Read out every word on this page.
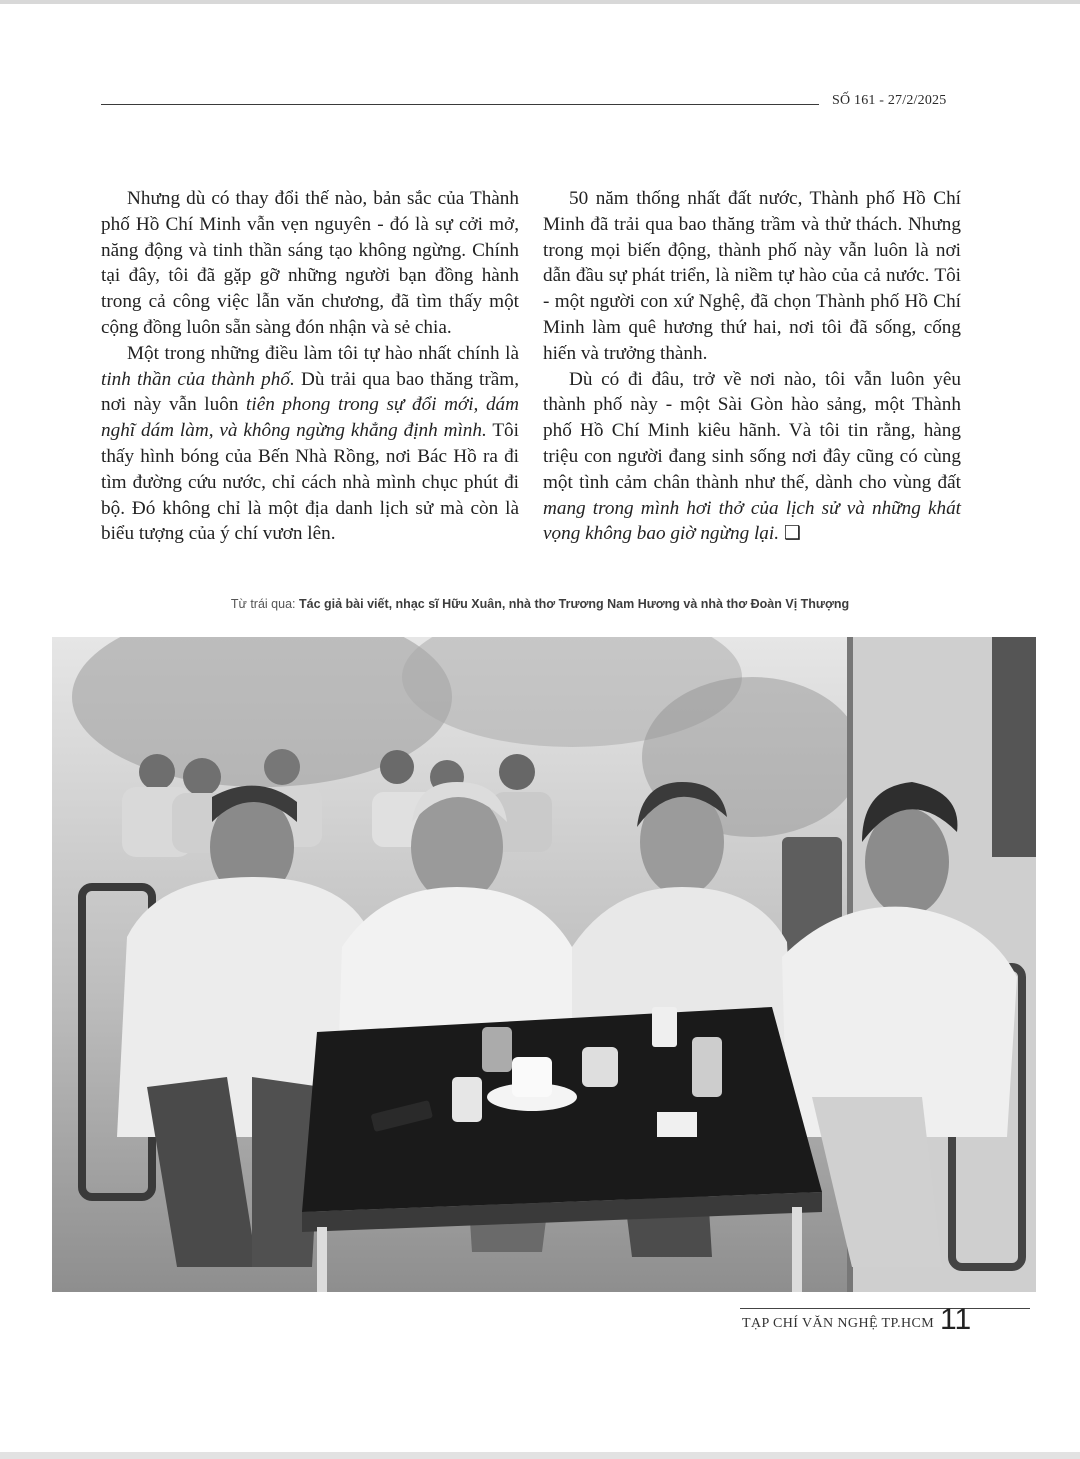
SỐ 161 - 27/2/2025

Nhưng dù có thay đổi thế nào, bản sắc của Thành phố Hồ Chí Minh vẫn vẹn nguyên - đó là sự cởi mở, năng động và tinh thần sáng tạo không ngừng. Chính tại đây, tôi đã gặp gỡ những người bạn đồng hành trong cả công việc lẫn văn chương, đã tìm thấy một cộng đồng luôn sẵn sàng đón nhận và sẻ chia.

Một trong những điều làm tôi tự hào nhất chính là tinh thần của thành phố. Dù trải qua bao thăng trầm, nơi này vẫn luôn tiên phong trong sự đổi mới, dám nghĩ dám làm, và không ngừng khẳng định mình. Tôi thấy hình bóng của Bến Nhà Rồng, nơi Bác Hồ ra đi tìm đường cứu nước, chỉ cách nhà mình chục phút đi bộ. Đó không chỉ là một địa danh lịch sử mà còn là biểu tượng của ý chí vươn lên.

50 năm thống nhất đất nước, Thành phố Hồ Chí Minh đã trải qua bao thăng trầm và thử thách. Nhưng trong mọi biến động, thành phố này vẫn luôn là nơi dẫn đầu sự phát triển, là niềm tự hào của cả nước. Tôi - một người con xứ Nghệ, đã chọn Thành phố Hồ Chí Minh làm quê hương thứ hai, nơi tôi đã sống, cống hiến và trưởng thành.

Dù có đi đâu, trở về nơi nào, tôi vẫn luôn yêu thành phố này - một Sài Gòn hào sảng, một Thành phố Hồ Chí Minh kiêu hãnh. Và tôi tin rằng, hàng triệu con người đang sinh sống nơi đây cũng có cùng một tình cảm chân thành như thế, dành cho vùng đất mang trong mình hơi thở của lịch sử và những khát vọng không bao giờ ngừng lại. ❑

Từ trái qua: Tác giả bài viết, nhạc sĩ Hữu Xuân, nhà thơ Trương Nam Hương và nhà thơ Đoàn Vị Thượng
TẠP CHÍ VĂN NGHỆ TP.HCM 11
